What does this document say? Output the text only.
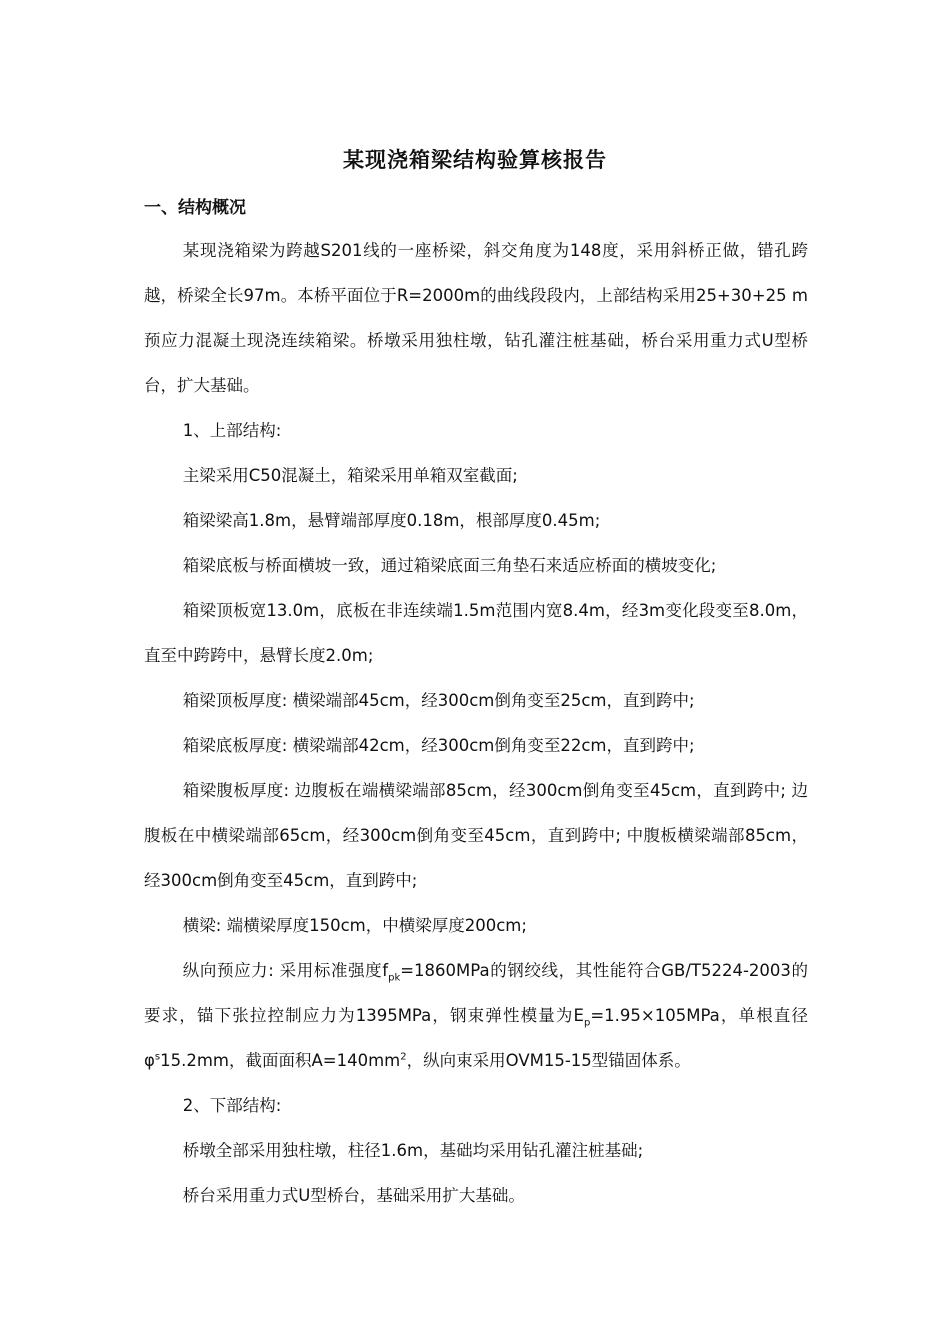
某现浇箱梁结构验算核报告
一、结构概况

某现浇箱梁为跨越S201线的一座桥梁，斜交角度为148度，采用斜桥正做，错孔跨越，桥梁全长97m。本桥平面位于R=2000m的曲线段段内，上部结构采用25+30+25 m预应力混凝土现浇连续箱梁。桥墩采用独柱墩，钻孔灌注桩基础，桥台采用重力式U型桥台，扩大基础。

1、上部结构:

主梁采用C50混凝土，箱梁采用单箱双室截面;

箱梁梁高1.8m，悬臂端部厚度0.18m，根部厚度0.45m;

箱梁底板与桥面横坡一致，通过箱梁底面三角垫石来适应桥面的横坡变化;

箱梁顶板宽13.0m，底板在非连续端1.5m范围内宽8.4m，经3m变化段变至8.0m，直至中跨跨中，悬臂长度2.0m;

箱梁顶板厚度: 横梁端部45cm，经300cm倒角变至25cm，直到跨中;

箱梁底板厚度: 横梁端部42cm，经300cm倒角变至22cm，直到跨中;

箱梁腹板厚度: 边腹板在端横梁端部85cm，经300cm倒角变至45cm，直到跨中; 边腹板在中横梁端部65cm，经300cm倒角变至45cm，直到跨中; 中腹板横梁端部85cm，经300cm倒角变至45cm，直到跨中;

横梁: 端横梁厚度150cm，中横梁厚度200cm;

纵向预应力: 采用标准强度$f_{pk}=1860MPa$的钢绞线，其性能符合GB/T5224-2003的要求，锚下张拉控制应力为1395MPa，钢束弹性模量为$E_p=1.95\times 105MPa$，单根直径 $\varphi^s15.2mm$，截面面积$A=140mm^2$，纵向束采用OVM15-15型锚固体系。

2、下部结构:

桥墩全部采用独柱墩，柱径1.6m，基础均采用钻孔灌注桩基础;

桥台采用重力式U型桥台，基础采用扩大基础。
